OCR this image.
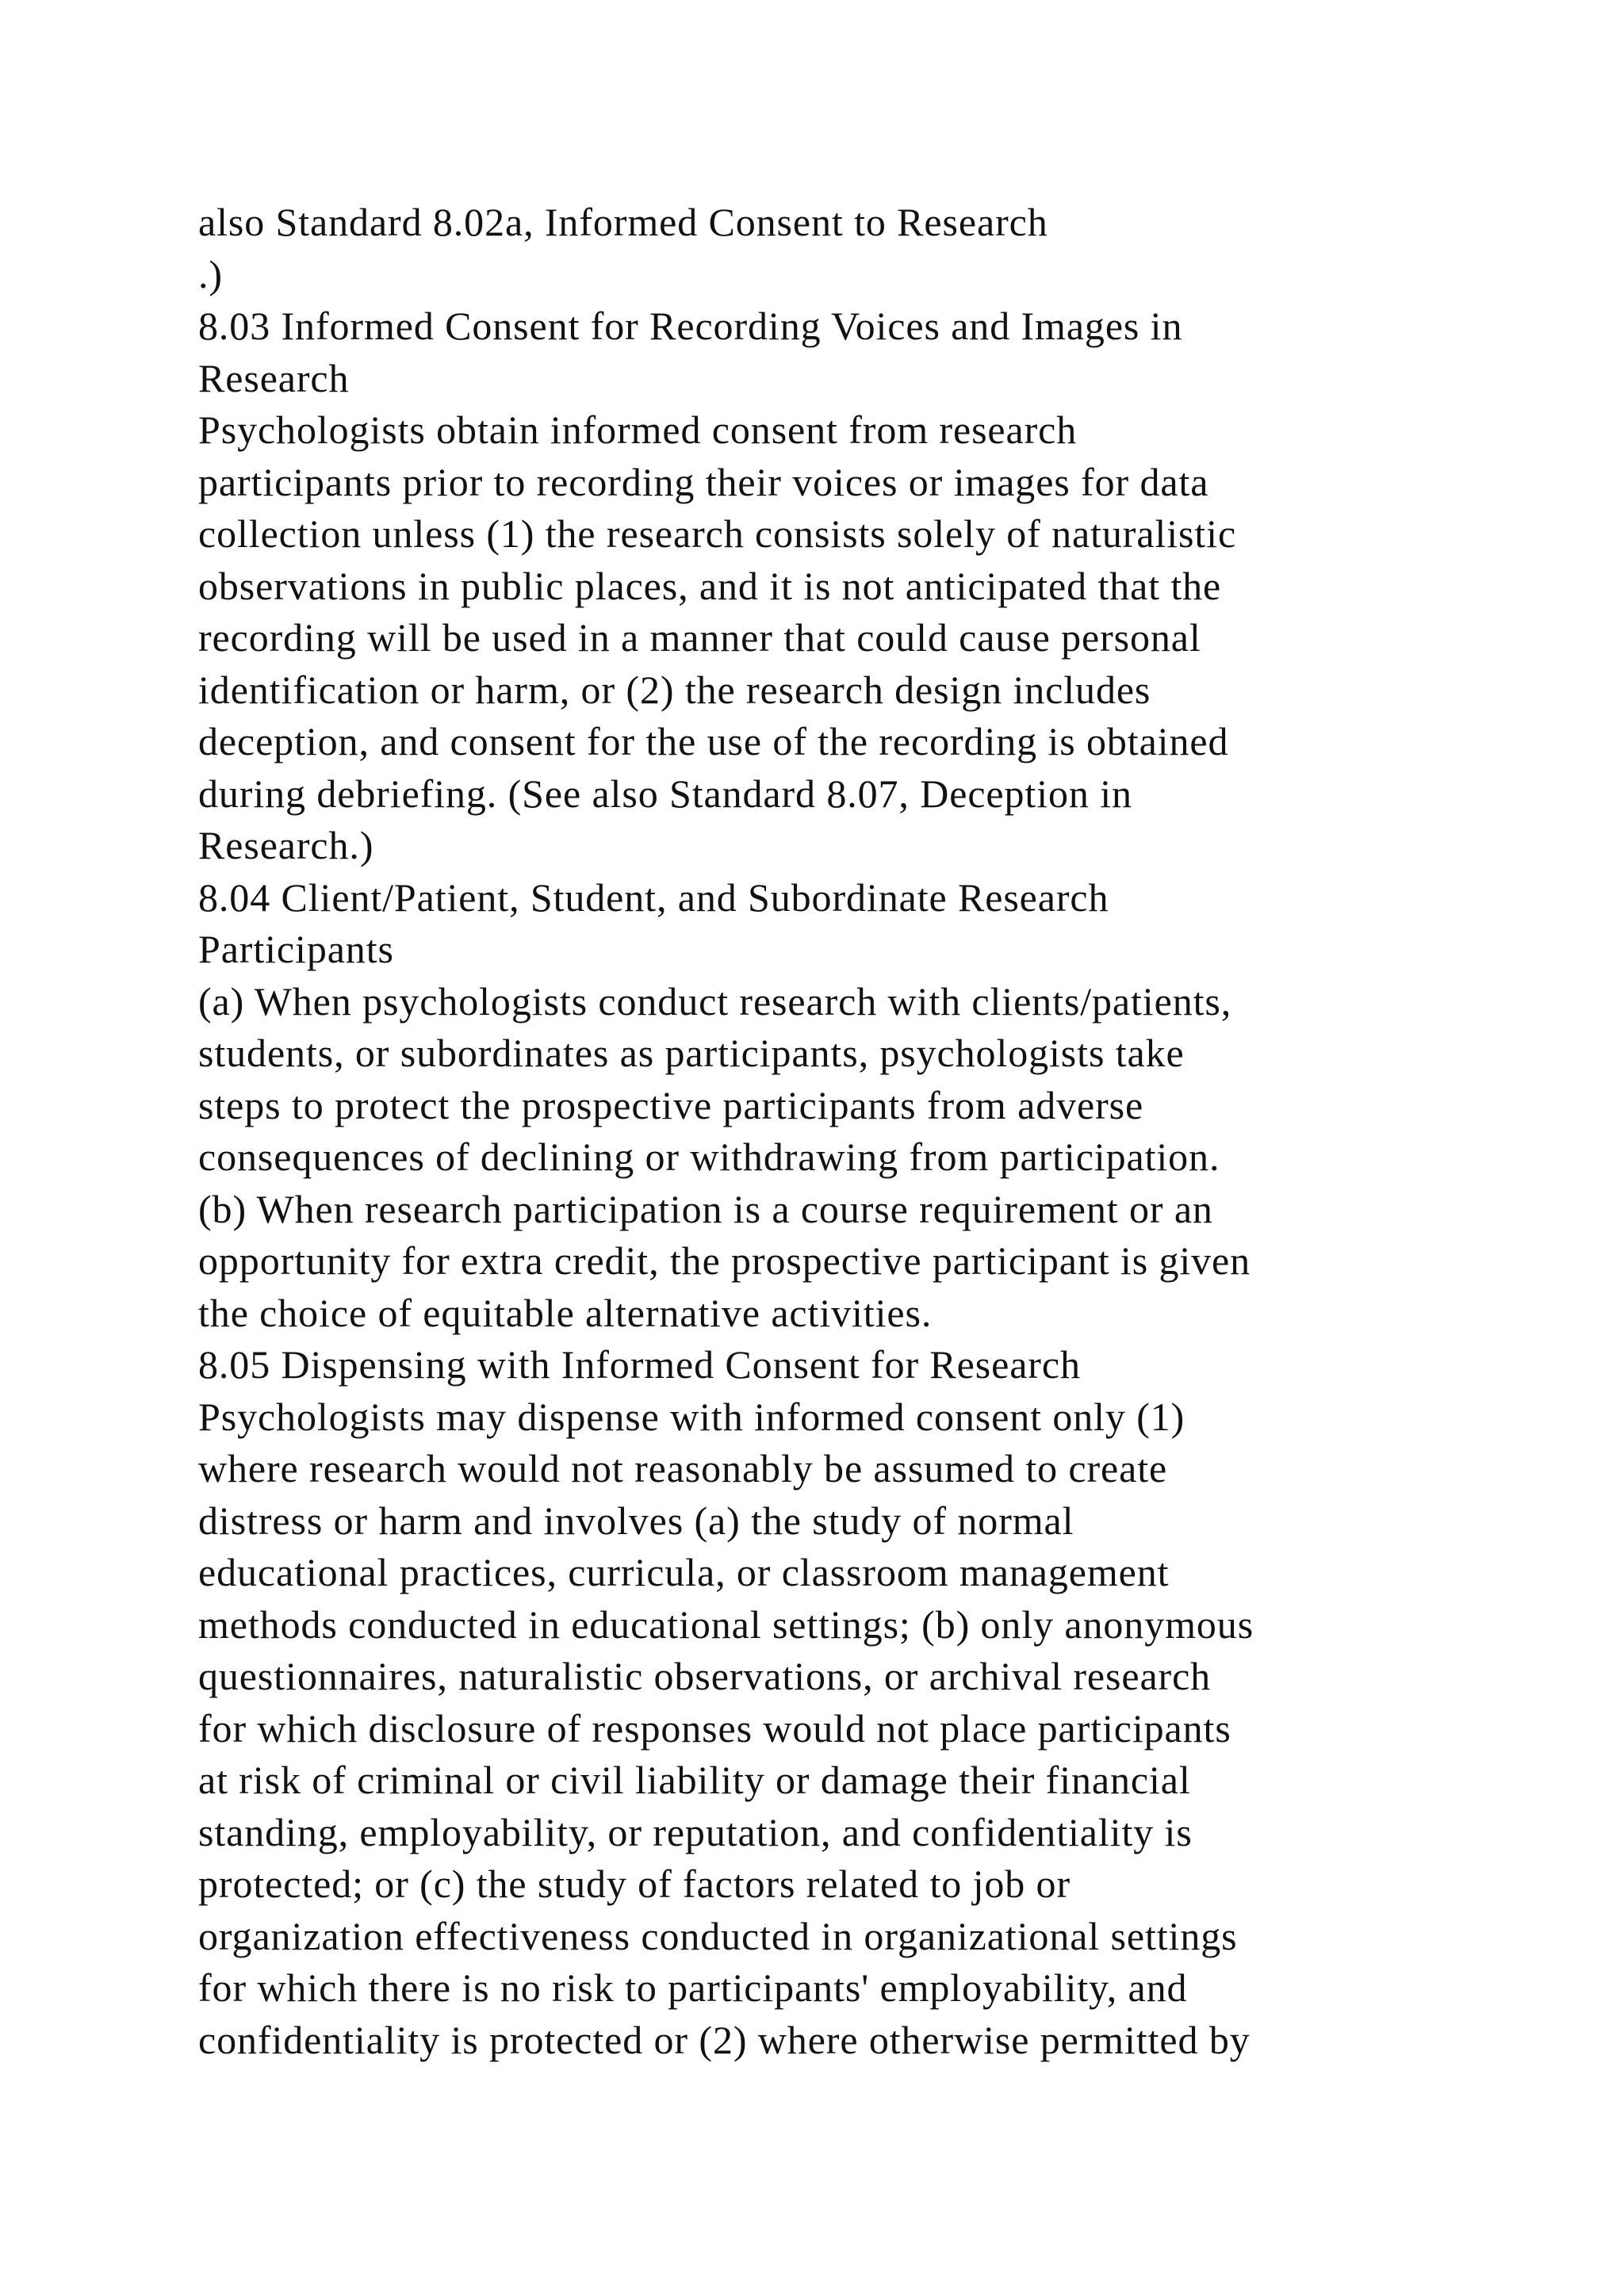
also Standard 8.02a, Informed Consent to Research
.)
8.03 Informed Consent for Recording Voices and Images in
Research
Psychologists obtain informed consent from research
participants prior to recording their voices or images for data
collection unless (1) the research consists solely of naturalistic
observations in public places, and it is not anticipated that the
recording will be used in a manner that could cause personal
identification or harm, or (2) the research design includes
deception, and consent for the use of the recording is obtained
during debriefing. (See also Standard 8.07, Deception in
Research.)
8.04 Client/Patient, Student, and Subordinate Research
Participants
(a) When psychologists conduct research with clients/patients,
students, or subordinates as participants, psychologists take
steps to protect the prospective participants from adverse
consequences of declining or withdrawing from participation.
(b) When research participation is a course requirement or an
opportunity for extra credit, the prospective participant is given
the choice of equitable alternative activities.
8.05 Dispensing with Informed Consent for Research
Psychologists may dispense with informed consent only (1)
where research would not reasonably be assumed to create
distress or harm and involves (a) the study of normal
educational practices, curricula, or classroom management
methods conducted in educational settings; (b) only anonymous
questionnaires, naturalistic observations, or archival research
for which disclosure of responses would not place participants
at risk of criminal or civil liability or damage their financial
standing, employability, or reputation, and confidentiality is
protected; or (c) the study of factors related to job or
organization effectiveness conducted in organizational settings
for which there is no risk to participants' employability, and
confidentiality is protected or (2) where otherwise permitted by
